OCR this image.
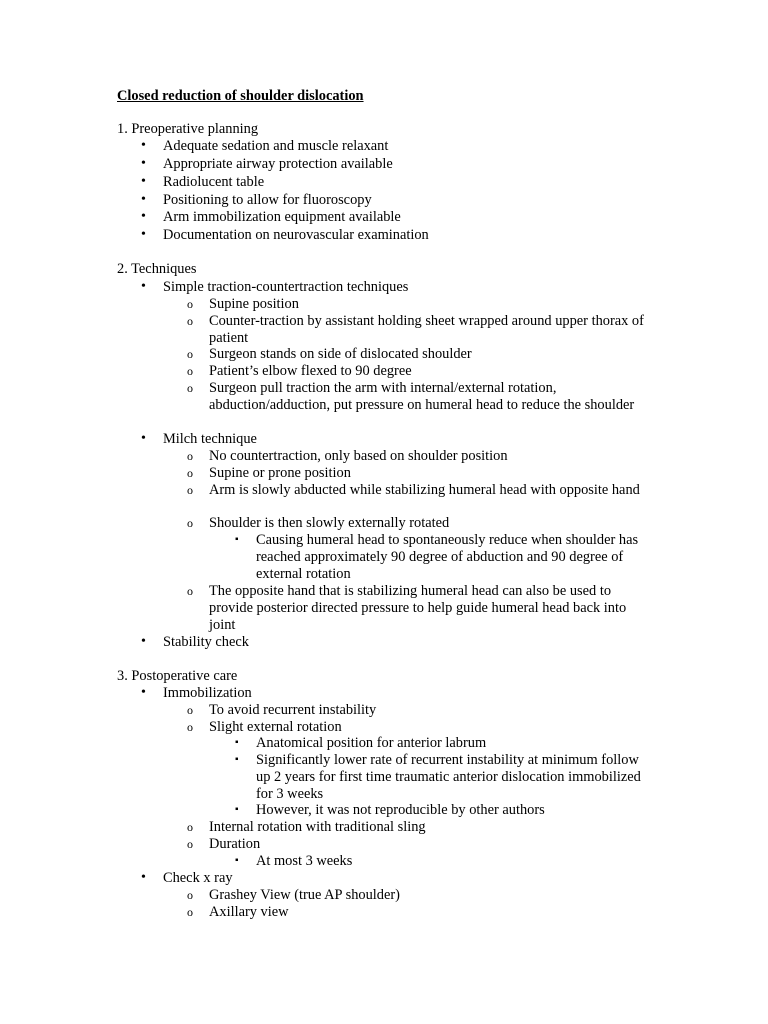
Closed reduction of shoulder dislocation
1. Preoperative planning
• Adequate sedation and muscle relaxant
• Appropriate airway protection available
• Radiolucent table
• Positioning to allow for fluoroscopy
• Arm immobilization equipment available
• Documentation on neurovascular examination
2. Techniques
• Simple traction-countertraction techniques
o Supine position
o Counter-traction by assistant holding sheet wrapped around upper thorax of patient
o Surgeon stands on side of dislocated shoulder
o Patient’s elbow flexed to 90 degree
o Surgeon pull traction the arm with internal/external rotation, abduction/adduction, put pressure on humeral head to reduce the shoulder
• Milch technique
o No countertraction, only based on shoulder position
o Supine or prone position
o Arm is slowly abducted while stabilizing humeral head with opposite hand
o Shoulder is then slowly externally rotated
▪ Causing humeral head to spontaneously reduce when shoulder has reached approximately 90 degree of abduction and 90 degree of external rotation
o The opposite hand that is stabilizing humeral head can also be used to provide posterior directed pressure to help guide humeral head back into joint
• Stability check
3. Postoperative care
• Immobilization
o To avoid recurrent instability
o Slight external rotation
▪ Anatomical position for anterior labrum
▪ Significantly lower rate of recurrent instability at minimum follow up 2 years for first time traumatic anterior dislocation immobilized for 3 weeks
▪ However, it was not reproducible by other authors
o Internal rotation with traditional sling
o Duration
▪ At most 3 weeks
• Check x ray
o Grashey View (true AP shoulder)
o Axillary view
